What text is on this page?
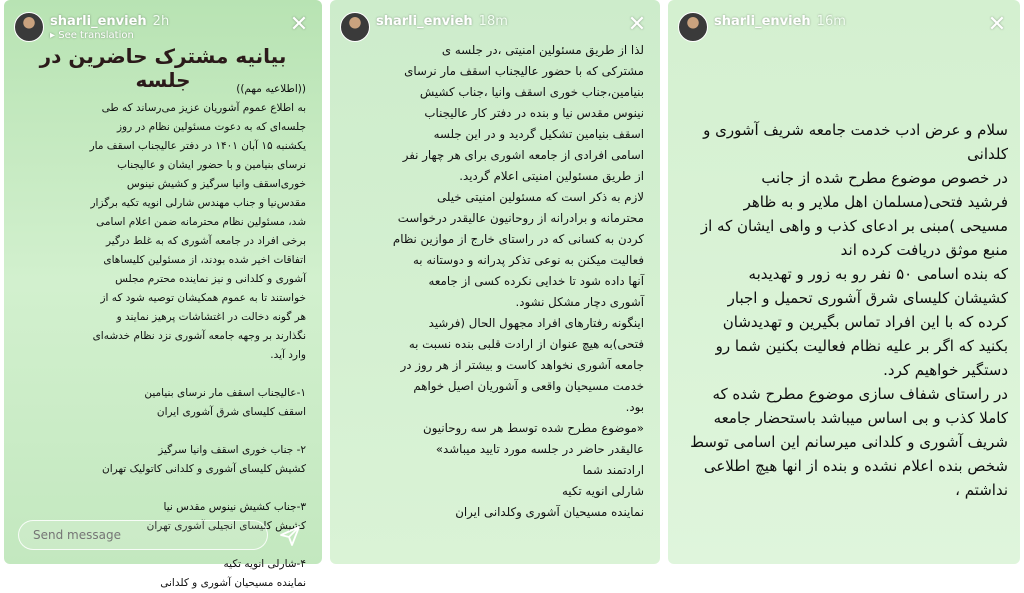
sharli_envieh 2h
▸ See translation	✕
بیانیه مشترک حاضرین در جلسه	((اطلاعیه مهم))
به اطلاع عموم آشوریان عزیز می‌رساند که طی
جلسه‌ای که به دعوت مسئولین نظام در روز
یکشنبه ۱۵ آبان ۱۴۰۱ در دفتر عالیجناب اسقف مار
نرسای بنیامین و با حضور ایشان و عالیجناب
خوری‌اسقف وانیا سرگیز و کشیش نینوس
مقدس‌نیا و جناب مهندس شارلی انویه تکیه برگزار
شد، مسئولین نظام محترمانه ضمن اعلام اسامی
برخی افراد در جامعه آشوری که به غلط درگیر
اتفاقات اخیر شده بودند، از مسئولین کلیساهای
آشوری و کلدانی و نیز نماینده محترم مجلس
خواستند تا به عموم همکیشان توصیه شود که از
هر گونه دخالت در اغتشاشات پرهیز نمایند و
نگذارند بر وجهه جامعه آشوری نزد نظام خدشه‌ای
وارد آید.

۱-عالیجناب اسقف مار نرسای بنیامین
اسقف کلیسای شرق آشوری ایران

۲- جناب خوری اسقف وانیا سرگیز
کشیش کلیسای آشوری و کلدانی کاتولیک تهران

۳-جناب کشیش نینوس مقدس نیا
کشیش کلیسای انجیلی آشوری تهران

۴-شارلی انویه تکیه
نماینده مسیحیان آشوری و کلدانی
Send message
sharli_envieh 18m	✕
لذا از طریق مسئولین امنیتی ،در جلسه ی
مشترکی که با حضور عالیجناب اسقف مار نرسای
بنیامین،جناب خوری اسقف وانیا ،جناب کشیش
نینوس مقدس نیا و بنده در دفتر کار عالیجناب
اسقف بنیامین تشکیل گردید و در این جلسه
اسامی افرادی از جامعه اشوری برای هر چهار نفر
از طریق مسئولین امنیتی اعلام گردید.
لازم به ذکر است که مسئولین امنیتی خیلی
محترمانه و برادرانه از روحانیون عالیقدر درخواست
کردن به کسانی که در راستای خارج از موازین نظام
فعالیت میکنن به نوعی تذکر پدرانه و دوستانه به
آنها داده شود تا خدایی نکرده کسی از جامعه
آشوری دچار مشکل نشود.
اینگونه رفتارهای افراد مجهول الحال (فرشید
فتحی)به هیچ عنوان از ارادت قلبی بنده نسبت به
جامعه آشوری نخواهد کاست و بیشتر از هر روز در
خدمت مسیحیان واقعی و آشوریان اصیل خواهم
بود.
«موضوع مطرح شده توسط هر سه روحانیون
عالیقدر حاضر در جلسه مورد تایید میباشد»
ارادتمند شما
شارلی انویه تکیه
نماینده مسیحیان آشوری وکلدانی ایران
sharli_envieh 16m	✕
سلام و عرض ادب خدمت جامعه شریف آشوری و
کلدانی
در خصوص موضوع مطرح شده از جانب
فرشید فتحی(مسلمان اهل ملایر و به ظاهر
مسیحی )مبنی بر ادعای کذب و واهی ایشان که از
منبع موثق دریافت کرده اند
که بنده اسامی ۵۰ نفر رو به زور و تهدیدبه
کشیشان کلیسای شرق آشوری تحمیل و اجبار
کرده که با این افراد تماس بگیرین و تهدیدشان
بکنید که اگر بر علیه نظام فعالیت بکنین شما رو
دستگیر خواهیم کرد.
در راستای شفاف سازی موضوع مطرح شده که
کاملا کذب و بی اساس میباشد باستحضار جامعه
شریف آشوری و کلدانی میرسانم این اسامی توسط
شخص بنده اعلام نشده و بنده از انها هیچ اطلاعی
نداشتم ،
